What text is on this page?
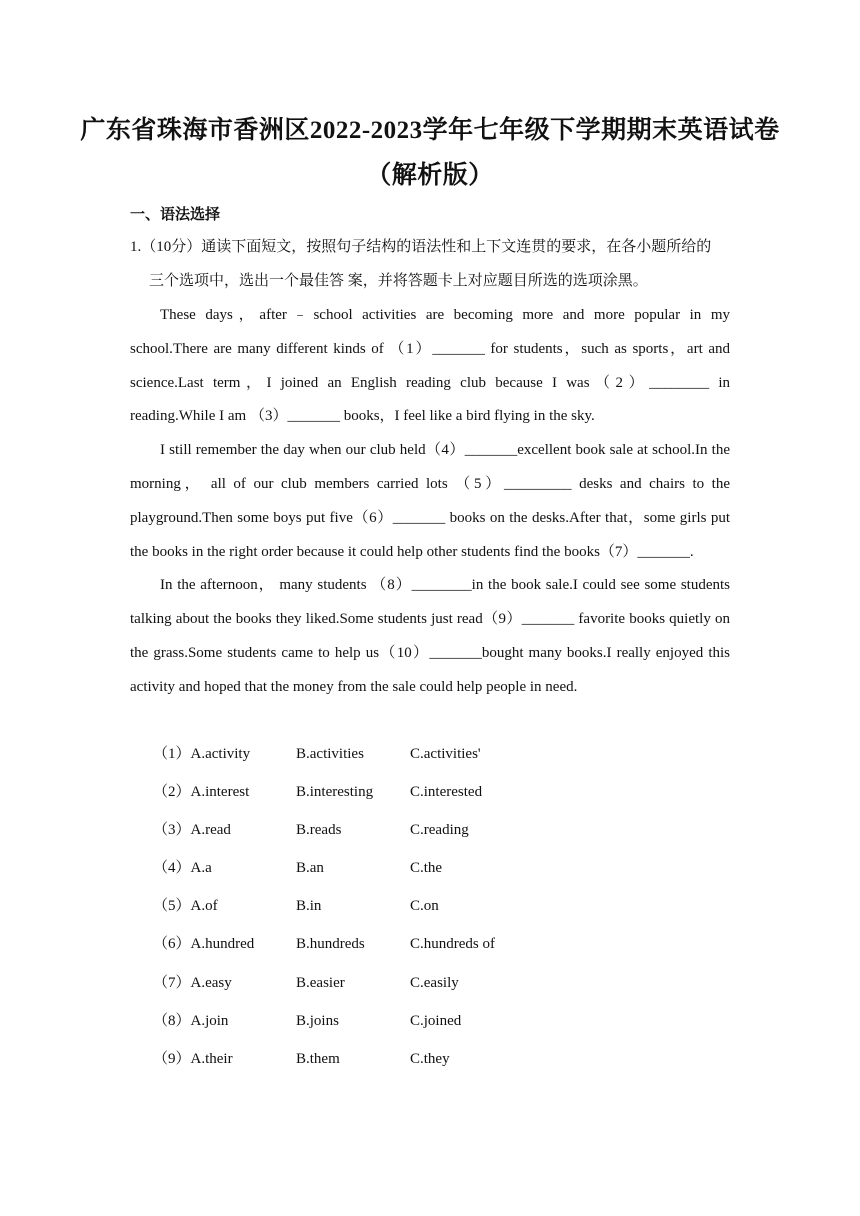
广东省珠海市香洲区2022-2023学年七年级下学期期末英语试卷
（解析版）
一、语法选择

1.（10分）通读下面短文，按照句子结构的语法性和上下文连贯的要求，在各小题所给的

三个选项中，选出一个最佳答 案，并将答题卡上对应题目所选的选项涂黑。

These days，after﹣school activities are becoming more and more popular in my school.There are many different kinds of （1）_______ for students，such as sports，art and science.Last term，I joined an English reading club because I was（2）________ in reading.While I am （3）_______ books，I feel like a bird flying in the sky.

I still remember the day when our club held（4）_______excellent book sale at school.In the morning， all of our club members carried lots （5）_________ desks and chairs to the playground.Then some boys put five（6）_______ books on the desks.After that，some girls put the books in the right order because it could help other students find the books（7）_______.

In the afternoon， many students （8）________in the book sale.I could see some students talking about the books they liked.Some students just read（9）_______ favorite books quietly on the grass.Some students came to help us（10）_______bought many books.I really enjoyed this activity and hoped that the money from the sale could help people in need.

（1）A.activity	B.activities	C.activities'
（2）A.interest	B.interesting C.interested
（3）A.read	B.reads	C.reading
（4）A.a	B.an	C.the
（5）A.of	B.in	C.on
（6）A.hundred	B.hundreds	C.hundreds of
（7）A.easy	B.easier	C.easily
（8）A.join	B.joins	C.joined
（9）A.their	B.them	C.they
